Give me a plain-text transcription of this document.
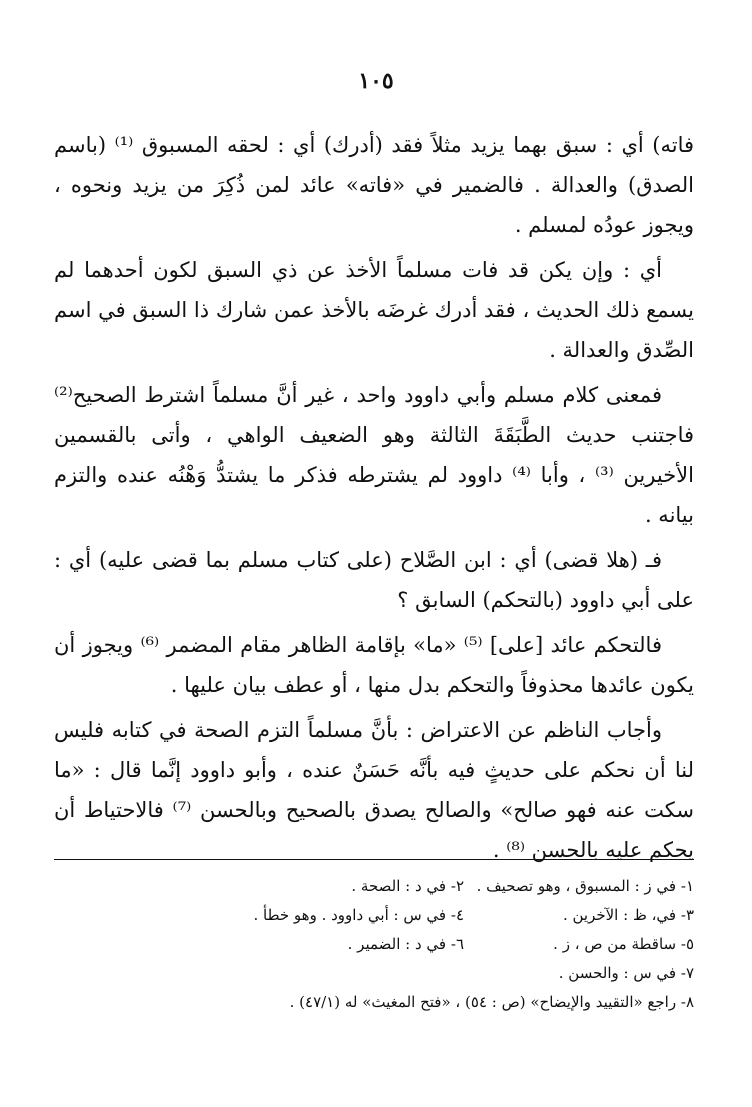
١٠٥

فاته) أي : سبق بهما يزيد مثلاً فقد (أدرك) أي : لحقه المسبوق ⁽¹⁾ (باسم الصدق) والعدالة . فالضمير في «فاته» عائد لمن ذُكِرَ من يزيد ونحوه ، ويجوز عودُه لمسلم .

أي : وإن يكن قد فات مسلماً الأخذ عن ذي السبق لكون أحدهما لم يسمع ذلك الحديث ، فقد أدرك غرضَه بالأخذ عمن شارك ذا السبق في اسم الصِّدق والعدالة .

فمعنى كلام مسلم وأبي داوود واحد ، غير أنَّ مسلماً اشترط الصحيح⁽²⁾ فاجتنب حديث الطَّبَقَةَ الثالثة وهو الضعيف الواهي ، وأتى بالقسمين الأخيرين ⁽³⁾ ، وأبا ⁽⁴⁾ داوود لم يشترطه فذكر ما يشتدُّ وَهْنُه عنده والتزم بيانه .

فـ (هلا قضى) أي : ابن الصَّلاح (على كتاب مسلم بما قضى عليه) أي : على أبي داوود (بالتحكم) السابق ؟

فالتحكم عائد [على] ⁽⁵⁾ «ما» بإقامة الظاهر مقام المضمر ⁽⁶⁾ ويجوز أن يكون عائدها محذوفاً والتحكم بدل منها ، أو عطف بيان عليها .

وأجاب الناظم عن الاعتراض : بأنَّ مسلماً التزم الصحة في كتابه فليس لنا أن نحكم على حديثٍ فيه بأنَّه حَسَنٌ عنده ، وأبو داوود إنَّما قال : «ما سكت عنه فهو صالح» والصالح يصدق بالصحيح وبالحسن ⁽⁷⁾ فالاحتياط أن يحكم عليه بالحسن ⁽⁸⁾ .

١- في ز : المسبوق ، وهو تصحيف .
٢- في د : الصحة .
٣- في، ظ : الآخرين .
٤- في س : أبي داوود . وهو خطأ .
٥- ساقطة من ص ، ز .
٦- في د : الضمير .
٧- في س : والحسن .
٨- راجع «التقييد والإيضاح» (ص : ٥٤) ، «فتح المغيث» له (٤٧/١) .
